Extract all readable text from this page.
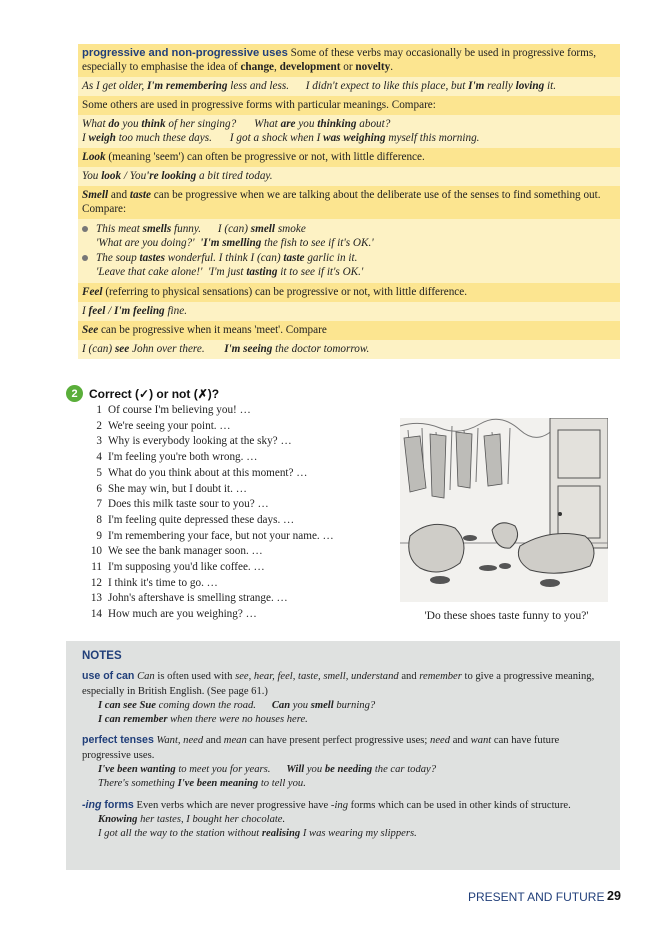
progressive and non-progressive uses Some of these verbs may occasionally be used in progressive forms, especially to emphasise the idea of change, development or novelty.
As I get older, I'm remembering less and less. I didn't expect to like this place, but I'm really loving it.
Some others are used in progressive forms with particular meanings. Compare:
What do you think of her singing? What are you thinking about?
I weigh too much these days. I got a shock when I was weighing myself this morning.
Look (meaning 'seem') can often be progressive or not, with little difference.
You look / You're looking a bit tired today.
Smell and taste can be progressive when we are talking about the deliberate use of the senses to find something out. Compare:
This meat smells funny. I (can) smell smoke
'What are you doing?' 'I'm smelling the fish to see if it's OK.'
The soup tastes wonderful. I think I (can) taste garlic in it.
'Leave that cake alone!' 'I'm just tasting it to see if it's OK.'
Feel (referring to physical sensations) can be progressive or not, with little difference.
I feel / I'm feeling fine.
See can be progressive when it means 'meet'. Compare
I (can) see John over there. I'm seeing the doctor tomorrow.
2 Correct (✓) or not (✗)?
1 Of course I'm believing you! …
2 We're seeing your point. …
3 Why is everybody looking at the sky? …
4 I'm feeling you're both wrong. …
5 What do you think about at this moment? …
6 She may win, but I doubt it. …
7 Does this milk taste sour to you? …
8 I'm feeling quite depressed these days. …
9 I'm remembering your face, but not your name. …
10 We see the bank manager soon. …
11 I'm supposing you'd like coffee. …
12 I think it's time to go. …
13 John's aftershave is smelling strange. …
14 How much are you weighing? …	'Do these shoes taste funny to you?'
NOTES
use of can Can is often used with see, hear, feel, taste, smell, understand and remember to give a progressive meaning, especially in British English. (See page 61.)
I can see Sue coming down the road. Can you smell burning?
I can remember when there were no houses here.
perfect tenses Want, need and mean can have present perfect progressive uses; need and want can have future progressive uses.
I've been wanting to meet you for years. Will you be needing the car today?
There's something I've been meaning to tell you.
-ing forms Even verbs which are never progressive have -ing forms which can be used in other kinds of structure.
Knowing her tastes, I bought her chocolate.
I got all the way to the station without realising I was wearing my slippers.
PRESENT AND FUTURE 29
